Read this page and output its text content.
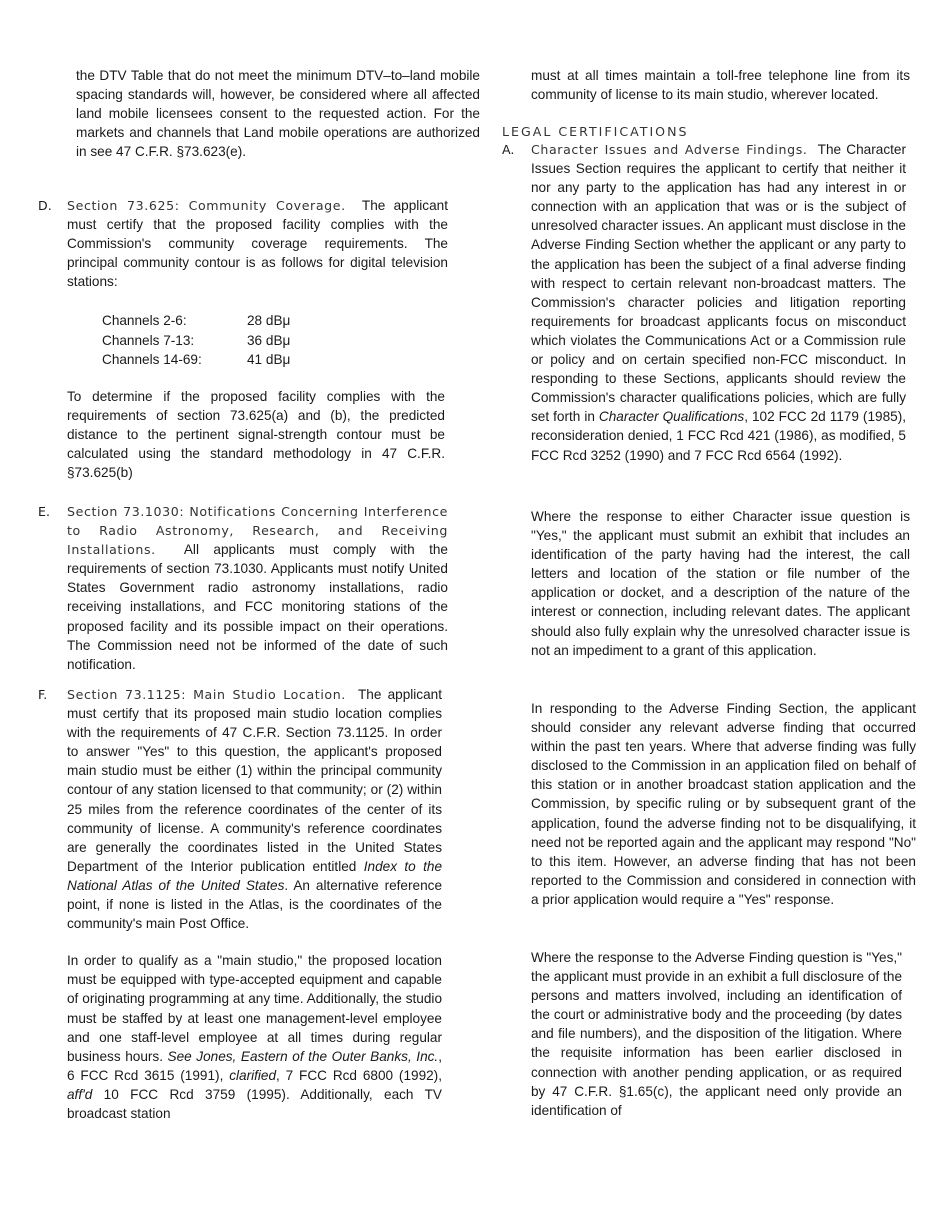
the DTV Table that do not meet the minimum DTV–to–land mobile spacing standards will, however, be considered where all affected land mobile licensees consent to the requested action. For the markets and channels that Land mobile operations are authorized in see 47 C.F.R. §73.623(e).

D. Section 73.625: Community Coverage. The applicant must certify that the proposed facility complies with the Commission's community coverage requirements. The principal community contour is as follows for digital television stations:

Channels 2-6:	28 dBμ
Channels 7-13:	36 dBμ
Channels 14-69:	41 dBμ

To determine if the proposed facility complies with the requirements of section 73.625(a) and (b), the predicted distance to the pertinent signal-strength contour must be calculated using the standard methodology in 47 C.F.R. §73.625(b)

E. Section 73.1030: Notifications Concerning Interference to Radio Astronomy, Research, and Receiving Installations. All applicants must comply with the requirements of section 73.1030. Applicants must notify United States Government radio astronomy installations, radio receiving installations, and FCC monitoring stations of the proposed facility and its possible impact on their operations. The Commission need not be informed of the date of such notification.

F. Section 73.1125: Main Studio Location. The applicant must certify that its proposed main studio location complies with the requirements of 47 C.F.R. Section 73.1125. In order to answer "Yes" to this question, the applicant's proposed main studio must be either (1) within the principal community contour of any station licensed to that community; or (2) within 25 miles from the reference coordinates of the center of its community of license. A community's reference coordinates are generally the coordinates listed in the United States Department of the Interior publication entitled Index to the National Atlas of the United States. An alternative reference point, if none is listed in the Atlas, is the coordinates of the community's main Post Office.

In order to qualify as a "main studio," the proposed location must be equipped with type-accepted equipment and capable of originating programming at any time. Additionally, the studio must be staffed by at least one management-level employee and one staff-level employee at all times during regular business hours. See Jones, Eastern of the Outer Banks, Inc., 6 FCC Rcd 3615 (1991), clarified, 7 FCC Rcd 6800 (1992), aff'd 10 FCC Rcd 3759 (1995). Additionally, each TV broadcast station

must at all times maintain a toll-free telephone line from its community of license to its main studio, wherever located.

LEGAL CERTIFICATIONS
A. Character Issues and Adverse Findings. The Character Issues Section requires the applicant to certify that neither it nor any party to the application has had any interest in or connection with an application that was or is the subject of unresolved character issues. An applicant must disclose in the Adverse Finding Section whether the applicant or any party to the application has been the subject of a final adverse finding with respect to certain relevant non-broadcast matters. The Commission's character policies and litigation reporting requirements for broadcast applicants focus on misconduct which violates the Communications Act or a Commission rule or policy and on certain specified non-FCC misconduct. In responding to these Sections, applicants should review the Commission's character qualifications policies, which are fully set forth in Character Qualifications, 102 FCC 2d 1179 (1985), reconsideration denied, 1 FCC Rcd 421 (1986), as modified, 5 FCC Rcd 3252 (1990) and 7 FCC Rcd 6564 (1992).

Where the response to either Character issue question is "Yes," the applicant must submit an exhibit that includes an identification of the party having had the interest, the call letters and location of the station or file number of the application or docket, and a description of the nature of the interest or connection, including relevant dates. The applicant should also fully explain why the unresolved character issue is not an impediment to a grant of this application.

In responding to the Adverse Finding Section, the applicant should consider any relevant adverse finding that occurred within the past ten years. Where that adverse finding was fully disclosed to the Commission in an application filed on behalf of this station or in another broadcast station application and the Commission, by specific ruling or by subsequent grant of the application, found the adverse finding not to be disqualifying, it need not be reported again and the applicant may respond "No" to this item. However, an adverse finding that has not been reported to the Commission and considered in connection with a prior application would require a "Yes" response.

Where the response to the Adverse Finding question is "Yes," the applicant must provide in an exhibit a full disclosure of the persons and matters involved, including an identification of the court or administrative body and the proceeding (by dates and file numbers), and the disposition of the litigation. Where the requisite information has been earlier disclosed in connection with another pending application, or as required by 47 C.F.R. §1.65(c), the applicant need only provide an identification of
